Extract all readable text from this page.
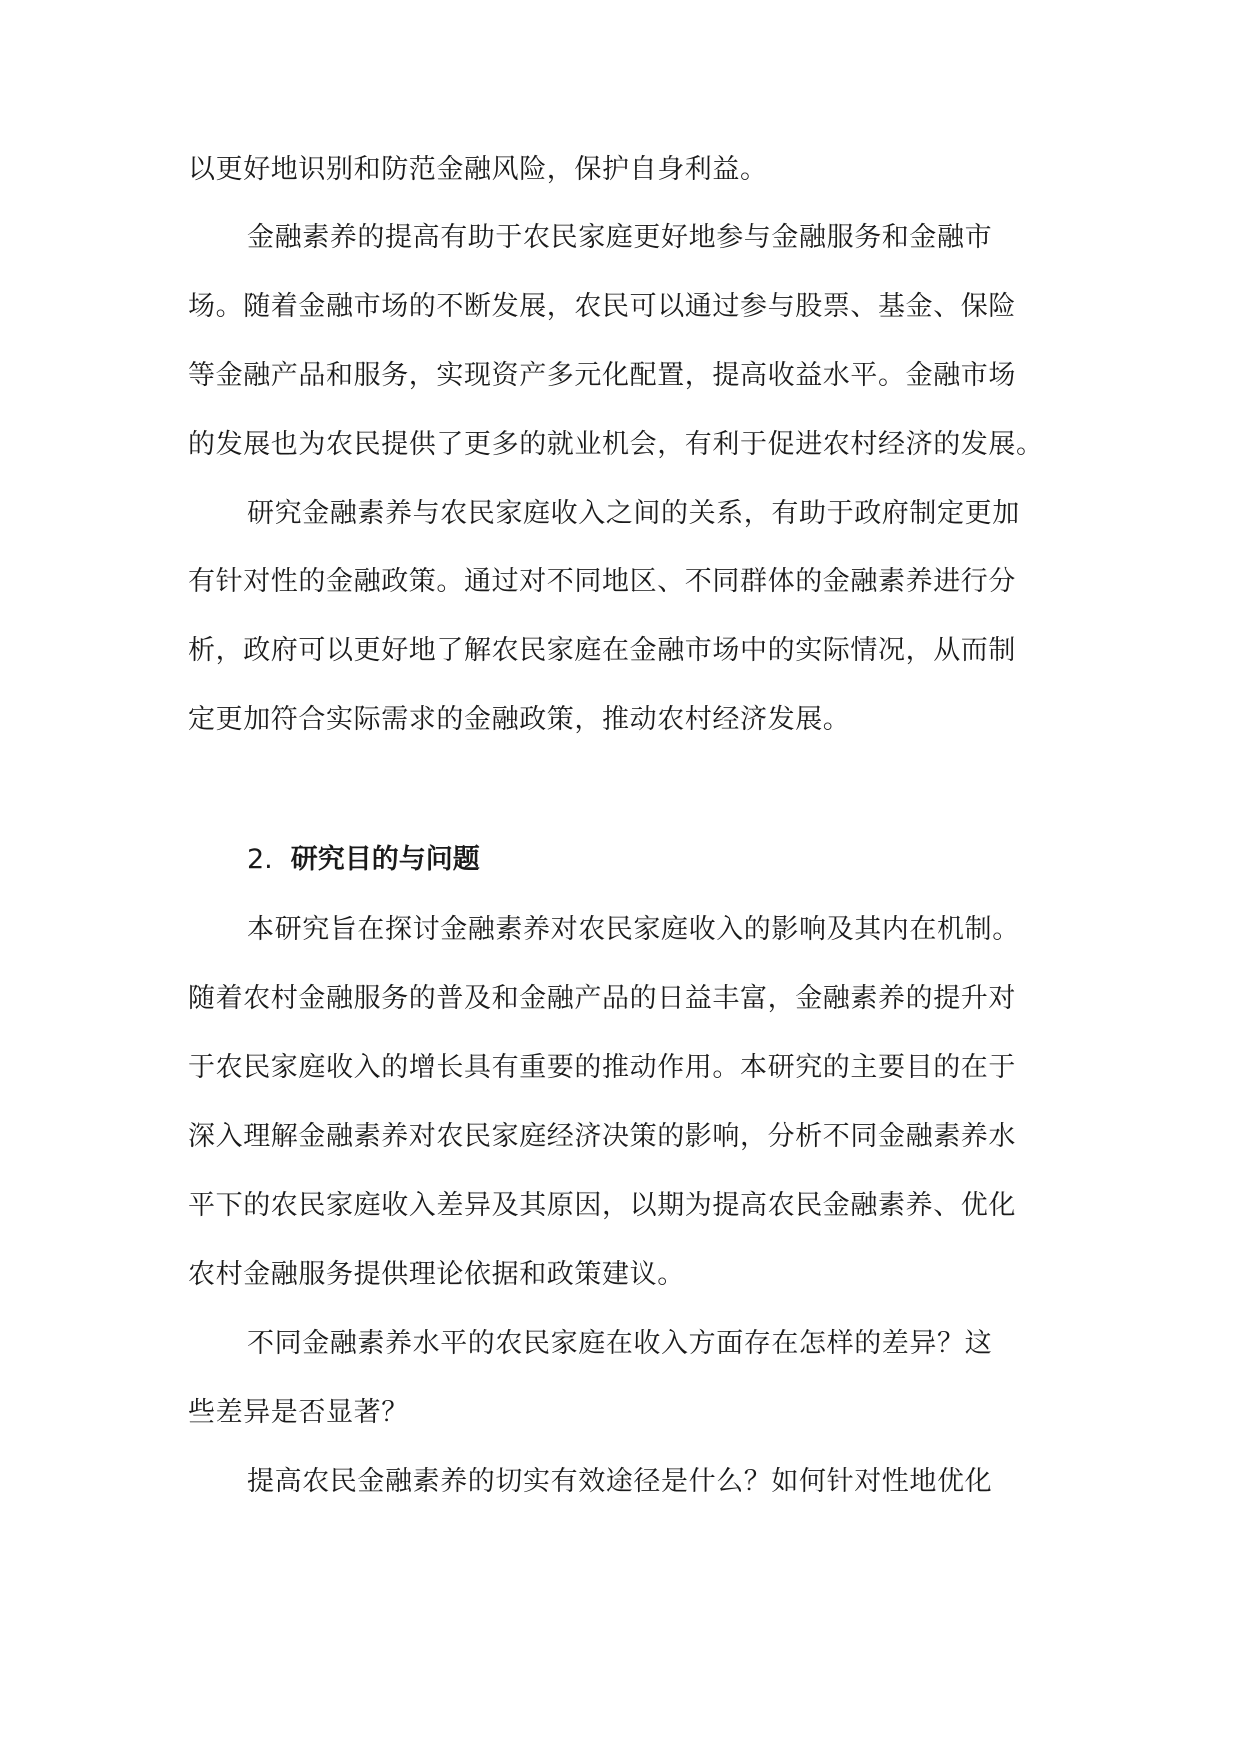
以更好地识别和防范金融风险，保护自身利益。
金融素养的提高有助于农民家庭更好地参与金融服务和金融市
场。随着金融市场的不断发展，农民可以通过参与股票、基金、保险
等金融产品和服务，实现资产多元化配置，提高收益水平。金融市场
的发展也为农民提供了更多的就业机会，有利于促进农村经济的发展。
研究金融素养与农民家庭收入之间的关系，有助于政府制定更加
有针对性的金融政策。通过对不同地区、不同群体的金融素养进行分
析，政府可以更好地了解农民家庭在金融市场中的实际情况，从而制
定更加符合实际需求的金融政策，推动农村经济发展。
2. 研究目的与问题
本研究旨在探讨金融素养对农民家庭收入的影响及其内在机制。
随着农村金融服务的普及和金融产品的日益丰富，金融素养的提升对
于农民家庭收入的增长具有重要的推动作用。本研究的主要目的在于
深入理解金融素养对农民家庭经济决策的影响，分析不同金融素养水
平下的农民家庭收入差异及其原因，以期为提高农民金融素养、优化
农村金融服务提供理论依据和政策建议。
不同金融素养水平的农民家庭在收入方面存在怎样的差异？这
些差异是否显著？
提高农民金融素养的切实有效途径是什么？如何针对性地优化
